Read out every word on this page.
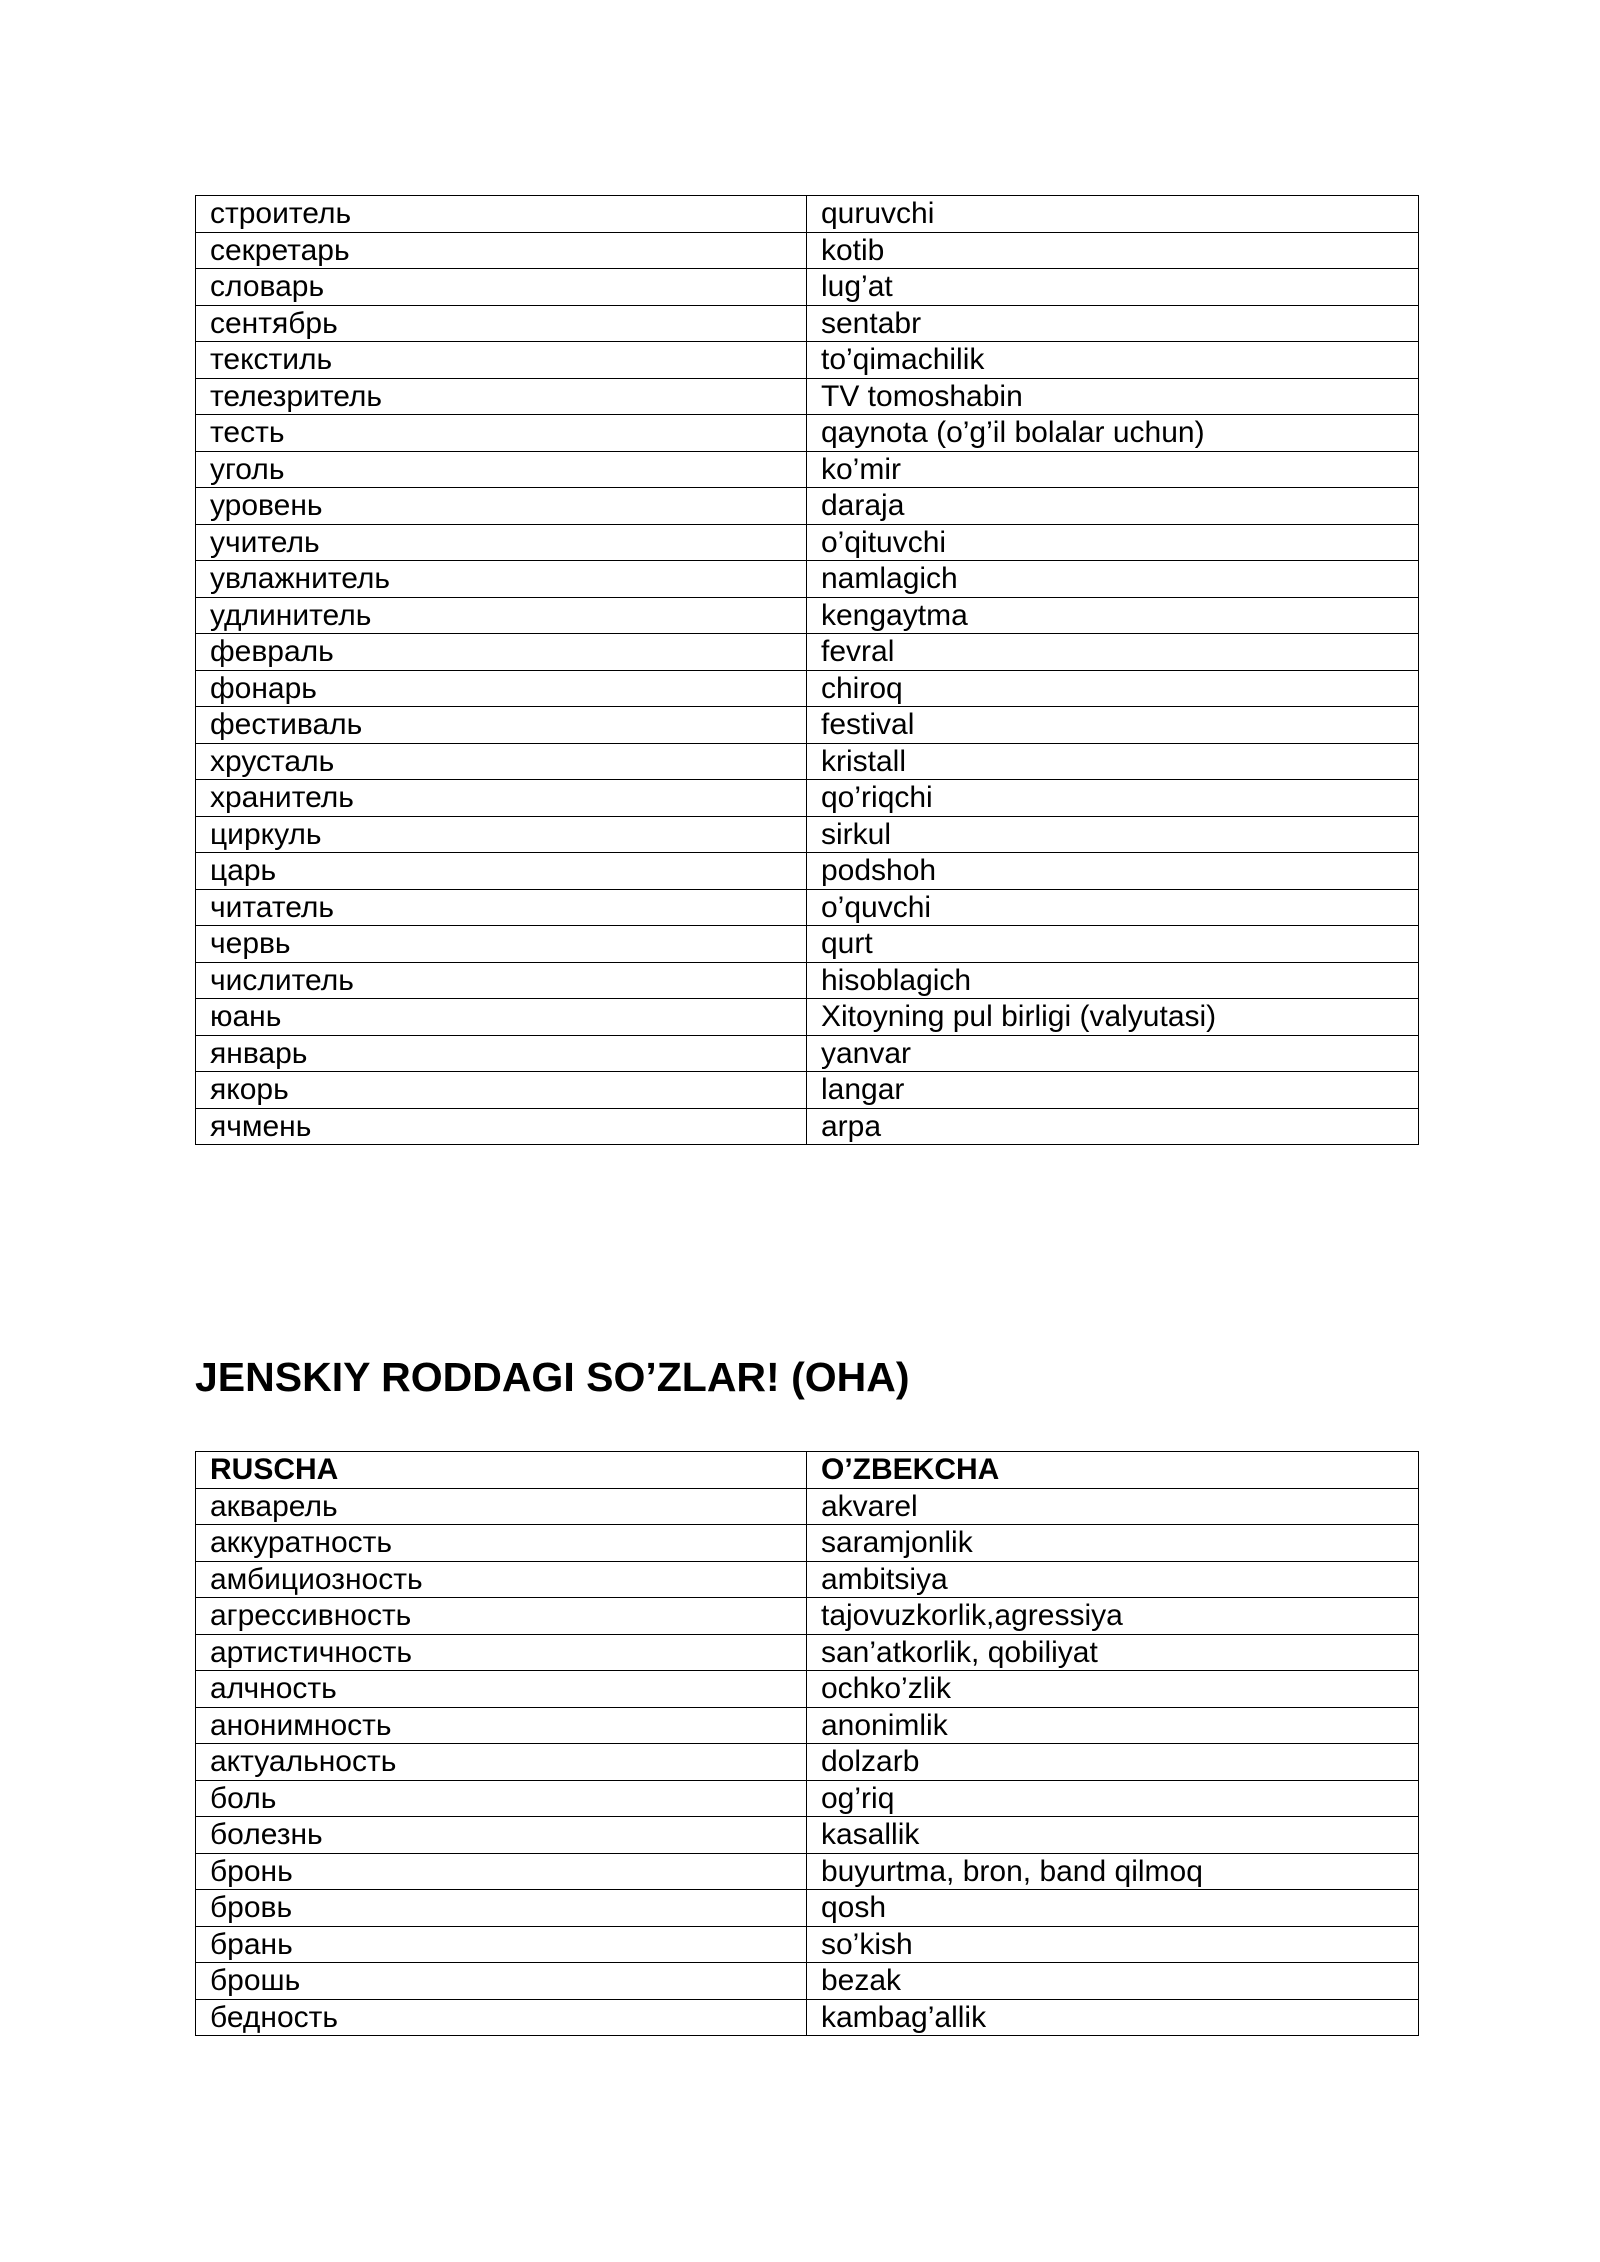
строитель	quruvchi
секретарь	kotib
словарь	lug’at
сентябрь	sentabr
текстиль	to’qimachilik
телезритель	TV tomoshabin
тесть	qaynota (o’g’il bolalar uchun)
уголь	ko’mir
уровень	daraja
учитель	o’qituvchi
увлажнитель	namlagich
удлинитель	kengaytma
февраль	fevral
фонарь	chiroq
фестиваль	festival
хрусталь	kristall
хранитель	qo’riqchi
циркуль	sirkul
царь	podshoh
читатель	o’quvchi
червь	qurt
числитель	hisoblagich
юань	Xitoyning pul birligi (valyutasi)
январь	yanvar
якорь	langar
ячмень	arpa
JENSKIY RODDAGI SO’ZLAR! (OHA)
RUSCHA	O’ZBEKCHA
акварель	akvarel
аккуратность	saramjonlik
амбициозность	ambitsiya
агрессивность	tajovuzkorlik,agressiya
артистичность	san’atkorlik, qobiliyat
алчность	ochko’zlik
анонимность	anonimlik
актуальность	dolzarb
боль	og’riq
болезнь	kasallik
бронь	buyurtma, bron, band qilmoq
бровь	qosh
брань	so’kish
брошь	bezak
бедность	kambag’allik
